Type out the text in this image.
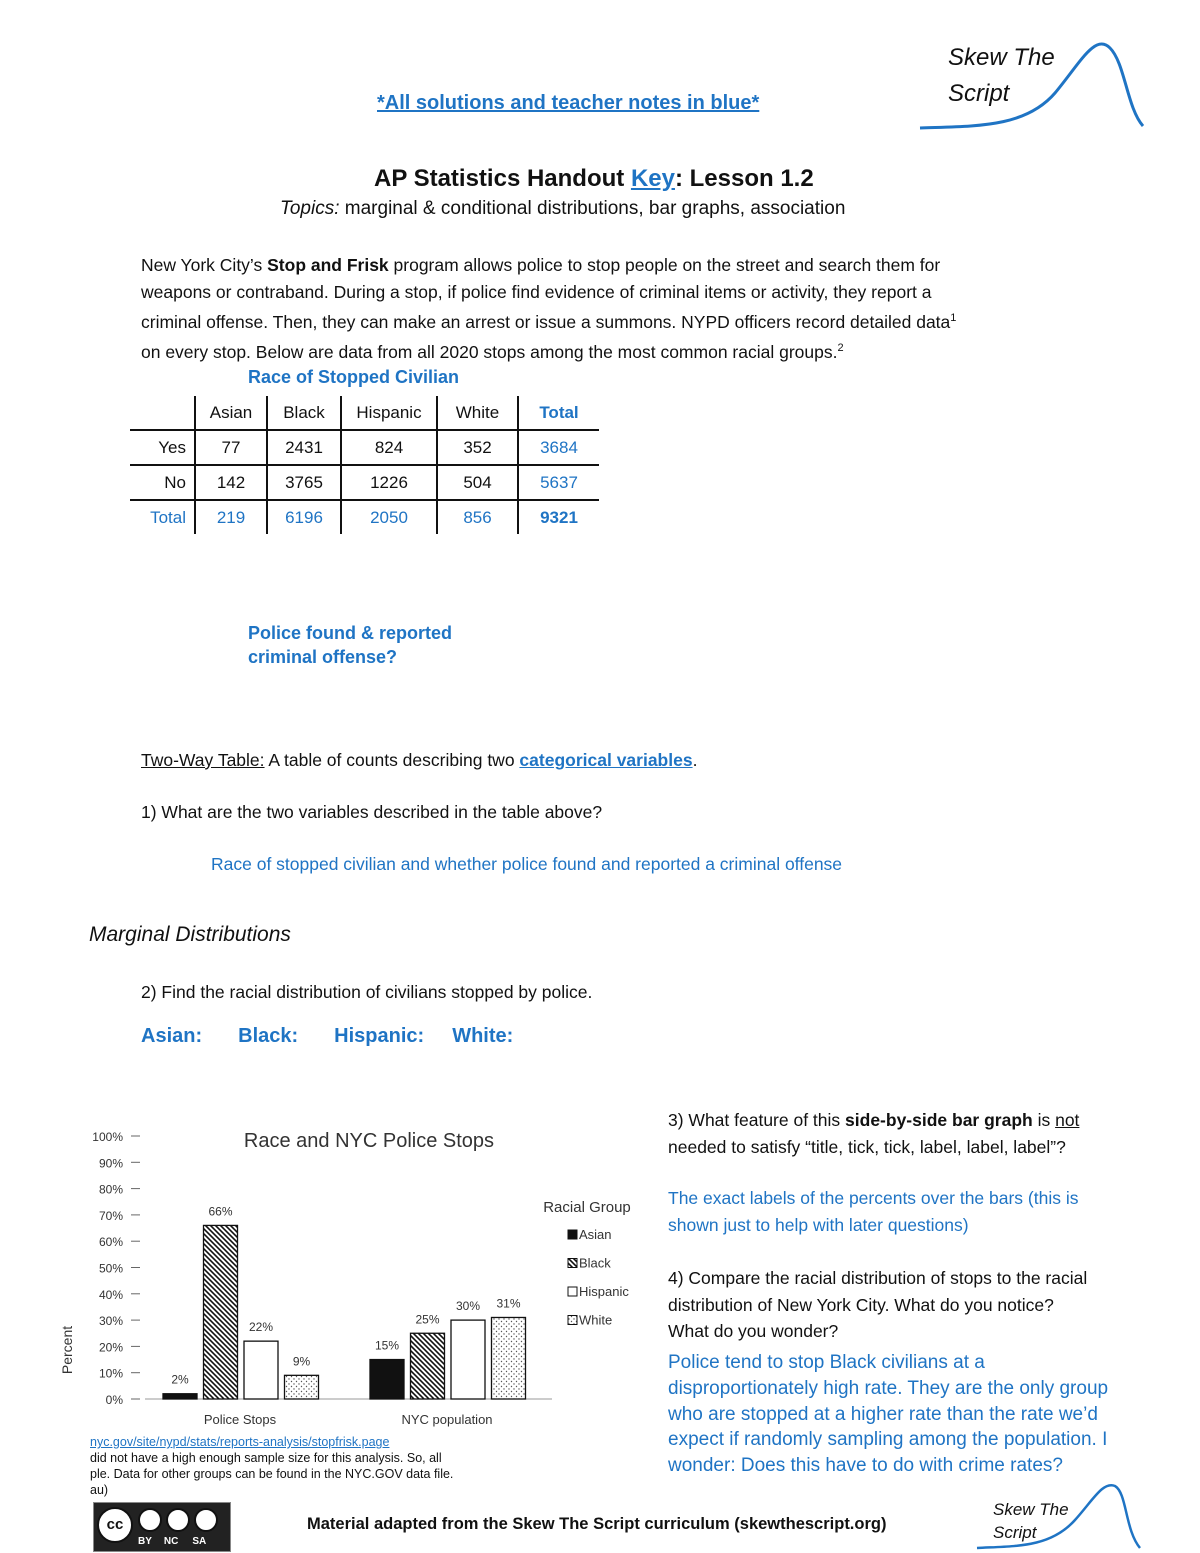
*All solutions and teacher notes in blue*
Skew The
Script
AP Statistics Handout Key: Lesson 1.2
Topics: marginal & conditional distributions, bar graphs, association
New York City’s Stop and Frisk program allows police to stop people on the street and search them for
weapons or contraband. During a stop, if police find evidence of criminal items or activity, they report a
criminal offense. Then, they can make an arrest or issue a summons. NYPD officers record detailed data$^1$
on every stop. Below are data from all 2020 stops among the most common racial groups.$^2$
Race of Stopped Civilian
	Asian	Black	Hispanic	White	Total
Yes	77	2431	824	352	3684
No	142	3765	1226	504	5637
Total	219	6196	2050	856	9321
Police found & reported
criminal offense?
Two-Way Table: A table of counts describing two categorical variables.
1) What are the two variables described in the table above?
Race of stopped civilian and whether police found and reported a criminal offense
Marginal Distributions
2) Find the racial distribution of civilians stopped by police.
Asian: Black: Hispanic: White:
Race and NYC Police Stops
Percent
Racial Group
0%
10%
20%
30%
40%
50%
60%
70%
80%
90%
100%
Police Stops
2%
66%
22%
9%
NYC population
15%
25%
30% 31%
Asian
Black
Hispanic
White
3) What feature of this side-by-side bar graph is not
needed to satisfy “title, tick, tick, label, label, label”?
The exact labels of the percents over the bars (this is
shown just to help with later questions)
4) Compare the racial distribution of stops to the racial
distribution of New York City. What do you notice?
What do you wonder?
Police tend to stop Black civilians at a
disproportionately high rate. They are the only group
who are stopped at a higher rate than the rate we’d
expect if randomly sampling among the population. I
wonder: Does this have to do with crime rates?
nyc.gov/site/nypd/stats/reports-analysis/stopfrisk.page
did not have a high enough sample size for this analysis. So, all
ple. Data for other groups can be found in the NYC.GOV data file.
au)
cc
BY NC SA
Material adapted from the Skew The Script curriculum (skewthescript.org)
Skew The
Script
